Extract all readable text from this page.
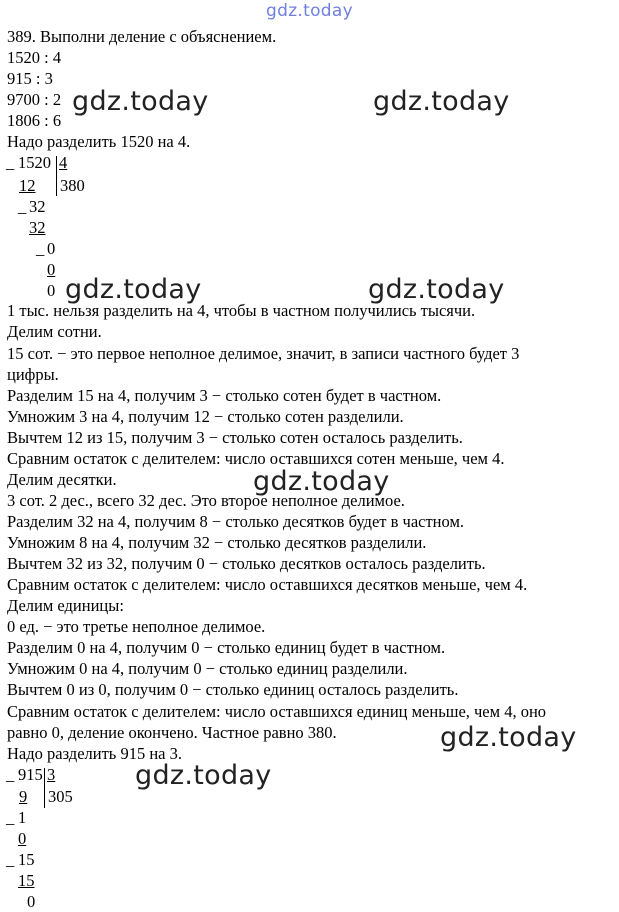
gdz.today
389. Выполни деление с объяснением.
1520 : 4
915 : 3
9700 : 2
1806 : 6
Надо разделить 1520 на 4.
_ 1520 4
380
12
_ 32
32
_ 0
0
0
1 тыс. нельзя разделить на 4, чтобы в частном получились тысячи.
Делим сотни.
15 сот. − это первое неполное делимое, значит, в записи частного будет 3
цифры.
Разделим 15 на 4, получим 3 − столько сотен будет в частном.
Умножим 3 на 4, получим 12 − столько сотен разделили.
Вычтем 12 из 15, получим 3 − столько сотен осталось разделить.
Сравним остаток с делителем: число оставшихся сотен меньше, чем 4.
Делим десятки.
3 сот. 2 дес., всего 32 дес. Это второе неполное делимое.
Разделим 32 на 4, получим 8 − столько десятков будет в частном.
Умножим 8 на 4, получим 32 − столько десятков разделили.
Вычтем 32 из 32, получим 0 − столько десятков осталось разделить.
Сравним остаток с делителем: число оставшихся десятков меньше, чем 4.
Делим единицы:
0 ед. − это третье неполное делимое.
Разделим 0 на 4, получим 0 − столько единиц будет в частном.
Умножим 0 на 4, получим 0 − столько единиц разделили.
Вычтем 0 из 0, получим 0 − столько единиц осталось разделить.
Сравним остаток с делителем: число оставшихся единиц меньше, чем 4, оно
равно 0, деление окончено. Частное равно 380.
Надо разделить 915 на 3.
_ 915 3
305
9
_ 1
0
_ 15
15
0
gdz.today	gdz.today
gdz.today	gdz.today
gdz.today
gdz.today
gdz.today
